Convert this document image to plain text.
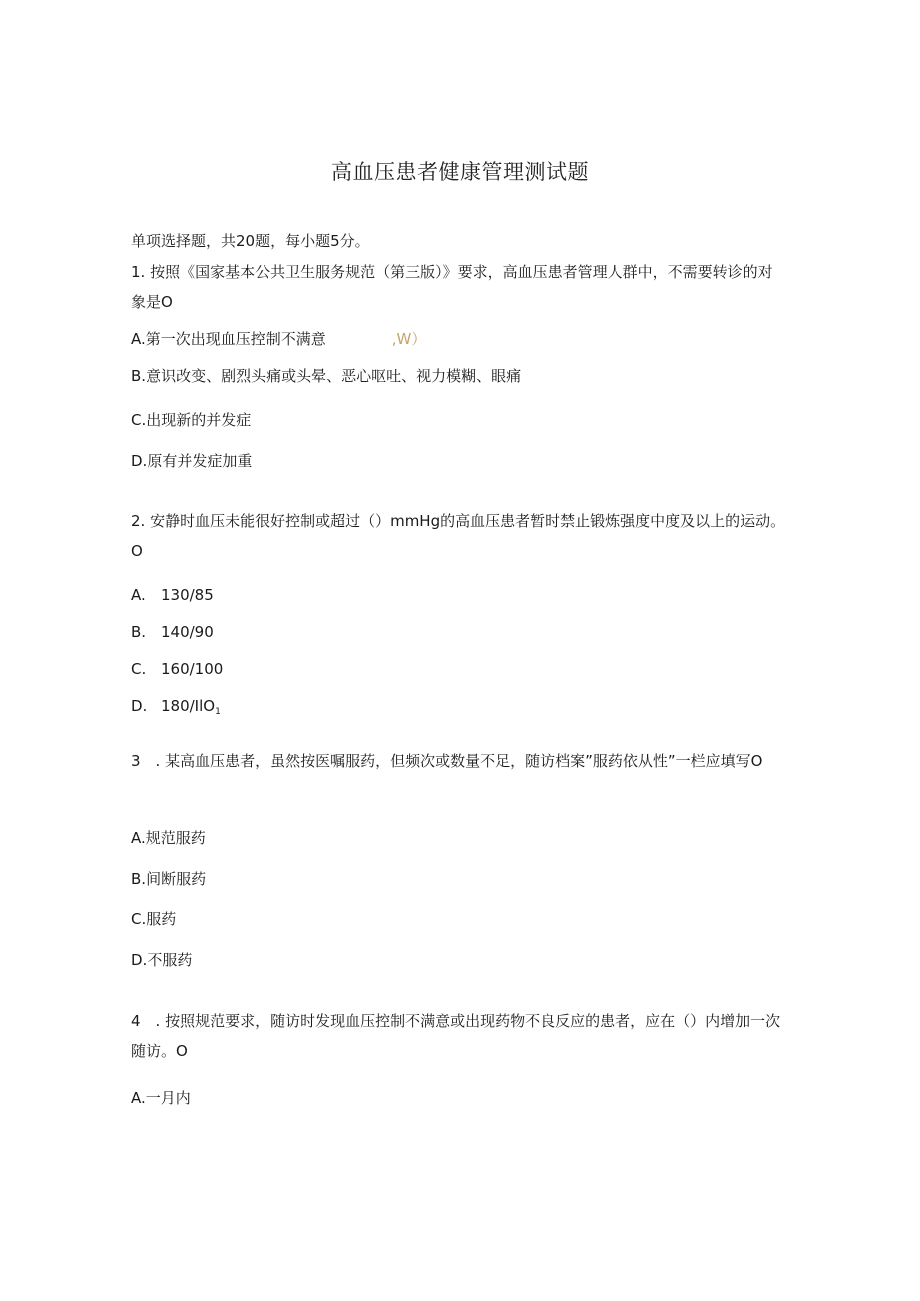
高血压患者健康管理测试题
单项选择题，共20题，每小题5分。
1. 按照《国家基本公共卫生服务规范（第三版）》要求，高血压患者管理人群中，不需要转诊的对象是O
A.第一次出现血压控制不满意	,W）
B.意识改变、剧烈头痛或头晕、恶心呕吐、视力模糊、眼痛
C.出现新的并发症
D.原有并发症加重
2. 安静时血压未能很好控制或超过（）mmHg的高血压患者暂时禁止锻炼强度中度及以上的运动。O
A. 130/85
B. 140/90
C. 160/100
D. 180/IlO$_1$
3　. 某高血压患者，虽然按医嘱服药，但频次或数量不足，随访档案”服药依从性”一栏应填写O
A.规范服药
B.间断服药
C.服药
D.不服药
4　. 按照规范要求，随访时发现血压控制不满意或出现药物不良反应的患者，应在（）内增加一次随访。O
A.一月内
